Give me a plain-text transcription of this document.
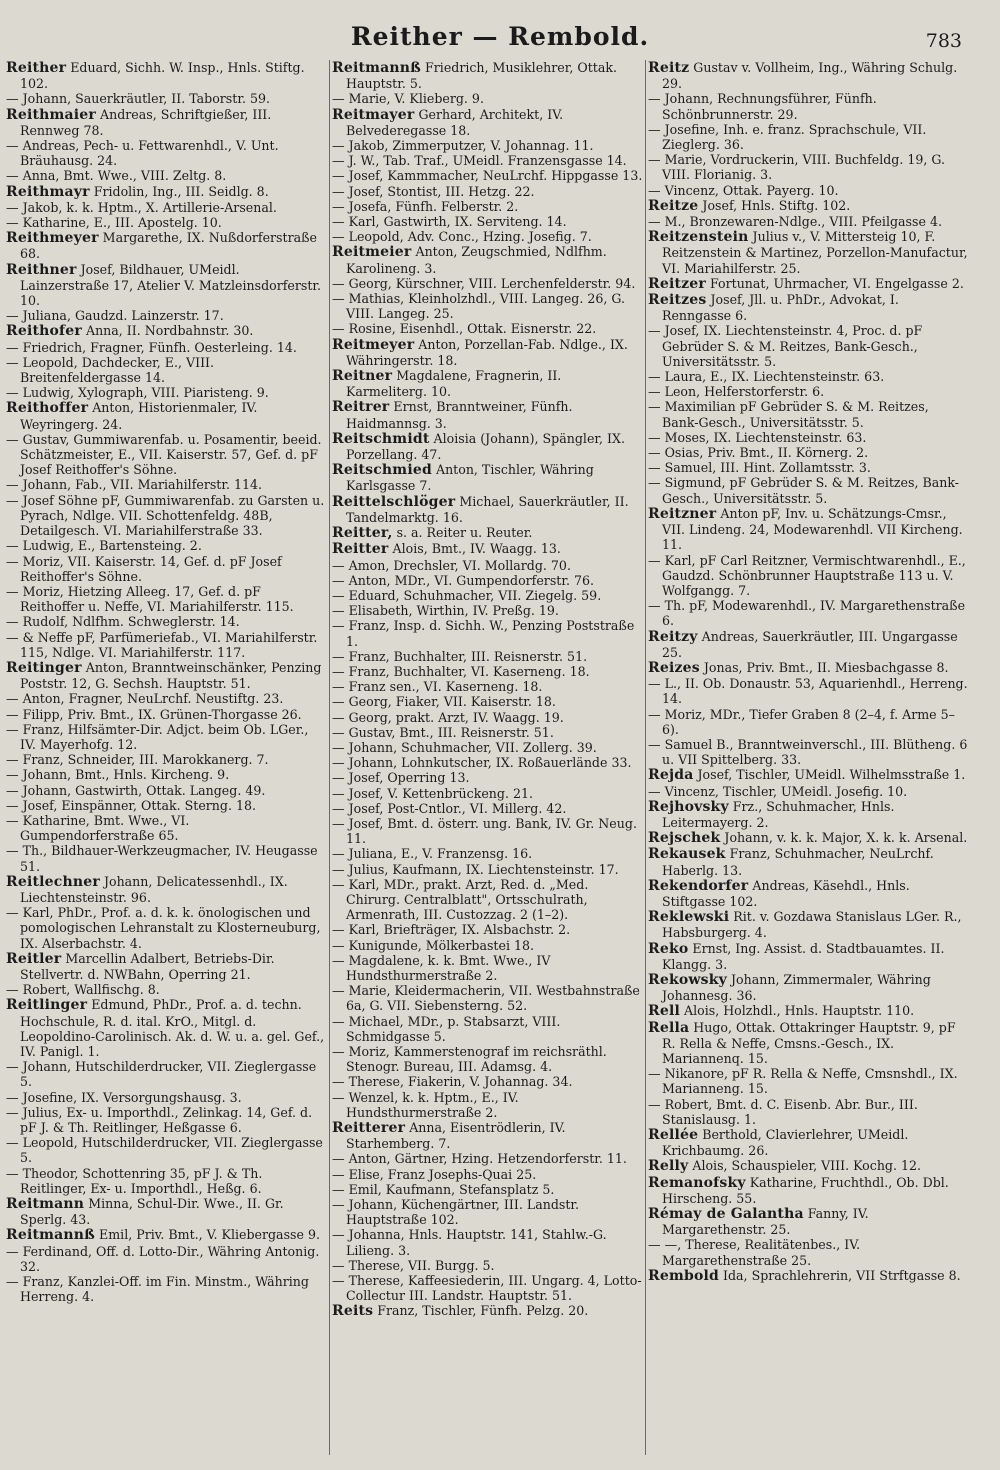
Reither — Rembold.	783

Reither Eduard, Sichh. W. Insp., Hnls. Stiftg. 102.

— Johann, Sauerkräutler, II. Taborstr. 59.

Reithmaier Andreas, Schriftgießer, III. Rennweg 78.

— Andreas, Pech- u. Fettwarenhdl., V. Unt. Bräuhausg. 24.

— Anna, Bmt. Wwe., VIII. Zeltg. 8.

Reithmayr Fridolin, Ing., III. Seidlg. 8.

— Jakob, k. k. Hptm., X. Artillerie-Arsenal.

— Katharine, E., III. Apostelg. 10.

Reithmeyer Margarethe, IX. Nußdorferstraße 68.

Reithner Josef, Bildhauer, UMeidl. Lainzerstraße 17, Atelier V. Matzleinsdorferstr. 10.

— Juliana, Gaudzd. Lainzerstr. 17.

Reithofer Anna, II. Nordbahnstr. 30.

— Friedrich, Fragner, Fünfh. Oesterleing. 14.

— Leopold, Dachdecker, E., VIII. Breitenfeldergasse 14.

— Ludwig, Xylograph, VIII. Piaristeng. 9.

Reithoffer Anton, Historienmaler, IV. Weyringerg. 24.

— Gustav, Gummiwarenfab. u. Posamentir, beeid. Schätzmeister, E., VII. Kaiserstr. 57, Gef. d. pF Josef Reithoffer's Söhne.

— Johann, Fab., VII. Mariahilferstr. 114.

— Josef Söhne pF, Gummiwarenfab. zu Garsten u. Pyrach, Ndlge. VII. Schottenfeldg. 48B, Detailgesch. VI. Mariahilferstraße 33.

— Ludwig, E., Bartensteing. 2.

— Moriz, VII. Kaiserstr. 14, Gef. d. pF Josef Reithoffer's Söhne.

— Moriz, Hietzing Alleeg. 17, Gef. d. pF Reithoffer u. Neffe, VI. Mariahilferstr. 115.

— Rudolf, Ndlfhm. Schweglerstr. 14.

— & Neffe pF, Parfümeriefab., VI. Mariahilferstr. 115, Ndlge. VI. Mariahilferstr. 117.

Reitinger Anton, Branntweinschänker, Penzing Poststr. 12, G. Sechsh. Hauptstr. 51.

— Anton, Fragner, NeuLrchf. Neustiftg. 23.

— Filipp, Priv. Bmt., IX. Grünen-Thorgasse 26.

— Franz, Hilfsämter-Dir. Adjct. beim Ob. LGer., IV. Mayerhofg. 12.

— Franz, Schneider, III. Marokkanerg. 7.

— Johann, Bmt., Hnls. Kircheng. 9.

— Johann, Gastwirth, Ottak. Langeg. 49.

— Josef, Einspänner, Ottak. Sterng. 18.

— Katharine, Bmt. Wwe., VI. Gumpendorferstraße 65.

— Th., Bildhauer-Werkzeugmacher, IV. Heugasse 51.

Reitlechner Johann, Delicatessenhdl., IX. Liechtensteinstr. 96.

— Karl, PhDr., Prof. a. d. k. k. önologischen und pomologischen Lehranstalt zu Klosterneuburg, IX. Alserbachstr. 4.

Reitler Marcellin Adalbert, Betriebs-Dir. Stellvertr. d. NWBahn, Operring 21.

— Robert, Wallfischg. 8.

Reitlinger Edmund, PhDr., Prof. a. d. techn. Hochschule, R. d. ital. KrO., Mitgl. d. Leopoldino-Carolinisch. Ak. d. W. u. a. gel. Gef., IV. Panigl. 1.

— Johann, Hutschilderdrucker, VII. Zieglergasse 5.

— Josefine, IX. Versorgungshausg. 3.

— Julius, Ex- u. Importhdl., Zelinkag. 14, Gef. d. pF J. & Th. Reitlinger, Heßgasse 6.

— Leopold, Hutschilderdrucker, VII. Zieglergasse 5.

— Theodor, Schottenring 35, pF J. & Th. Reitlinger, Ex- u. Importhdl., Heßg. 6.

Reitmann Minna, Schul-Dir. Wwe., II. Gr. Sperlg. 43.

Reitmannß Emil, Priv. Bmt., V. Kliebergasse 9.

— Ferdinand, Off. d. Lotto-Dir., Währing Antonig. 32.

— Franz, Kanzlei-Off. im Fin. Minstm., Währing Herreng. 4.

Reitmannß Friedrich, Musiklehrer, Ottak. Hauptstr. 5.

— Marie, V. Klieberg. 9.

Reitmayer Gerhard, Architekt, IV. Belvederegasse 18.

— Jakob, Zimmerputzer, V. Johannag. 11.

— J. W., Tab. Traf., UMeidl. Franzensgasse 14.

— Josef, Kammmacher, NeuLrchf. Hippgasse 13.

— Josef, Stontist, III. Hetzg. 22.

— Josefa, Fünfh. Felberstr. 2.

— Karl, Gastwirth, IX. Serviteng. 14.

— Leopold, Adv. Conc., Hzing. Josefig. 7.

Reitmeier Anton, Zeugschmied, Ndlfhm. Karolineng. 3.

— Georg, Kürschner, VIII. Lerchenfelderstr. 94.

— Mathias, Kleinholzhdl., VIII. Langeg. 26, G. VIII. Langeg. 25.

— Rosine, Eisenhdl., Ottak. Eisnerstr. 22.

Reitmeyer Anton, Porzellan-Fab. Ndlge., IX. Währingerstr. 18.

Reitner Magdalene, Fragnerin, II. Karmeliterg. 10.

Reitrer Ernst, Branntweiner, Fünfh. Haidmannsg. 3.

Reitschmidt Aloisia (Johann), Spängler, IX. Porzellang. 47.

Reitschmied Anton, Tischler, Währing Karlsgasse 7.

Reittelschlöger Michael, Sauerkräutler, II. Tandelmarktg. 16.

Reitter, s. a. Reiter u. Reuter.

Reitter Alois, Bmt., IV. Waagg. 13.

— Amon, Drechsler, VI. Mollardg. 70.

— Anton, MDr., VI. Gumpendorferstr. 76.

— Eduard, Schuhmacher, VII. Ziegelg. 59.

— Elisabeth, Wirthin, IV. Preßg. 19.

— Franz, Insp. d. Sichh. W., Penzing Poststraße 1.

— Franz, Buchhalter, III. Reisnerstr. 51.

— Franz, Buchhalter, VI. Kaserneng. 18.

— Franz sen., VI. Kaserneng. 18.

— Georg, Fiaker, VII. Kaiserstr. 18.

— Georg, prakt. Arzt, IV. Waagg. 19.

— Gustav, Bmt., III. Reisnerstr. 51.

— Johann, Schuhmacher, VII. Zollerg. 39.

— Johann, Lohnkutscher, IX. Roßauerlände 33.

— Josef, Operring 13.

— Josef, V. Kettenbrückeng. 21.

— Josef, Post-Cntlor., VI. Millerg. 42.

— Josef, Bmt. d. österr. ung. Bank, IV. Gr. Neug. 11.

— Juliana, E., V. Franzensg. 16.

— Julius, Kaufmann, IX. Liechtensteinstr. 17.

— Karl, MDr., prakt. Arzt, Red. d. „Med. Chirurg. Centralblatt", Ortsschulrath, Armenrath, III. Custozzag. 2 (1–2).

— Karl, Briefträger, IX. Alsbachstr. 2.

— Kunigunde, Mölkerbastei 18.

— Magdalene, k. k. Bmt. Wwe., IV Hundsthurmerstraße 2.

— Marie, Kleidermacherin, VII. Westbahnstraße 6a, G. VII. Siebensterng. 52.

— Michael, MDr., p. Stabsarzt, VIII. Schmidgasse 5.

— Moriz, Kammerstenograf im reichsräthl. Stenogr. Bureau, III. Adamsg. 4.

— Therese, Fiakerin, V. Johannag. 34.

— Wenzel, k. k. Hptm., E., IV. Hundsthurmerstraße 2.

Reitterer Anna, Eisentrödlerin, IV. Starhemberg. 7.

— Anton, Gärtner, Hzing. Hetzendorferstr. 11.

— Elise, Franz Josephs-Quai 25.

— Emil, Kaufmann, Stefansplatz 5.

— Johann, Küchengärtner, III. Landstr. Hauptstraße 102.

— Johanna, Hnls. Hauptstr. 141, Stahlw.-G. Lilieng. 3.

— Therese, VII. Burgg. 5.

— Therese, Kaffeesiederin, III. Ungarg. 4, Lotto-Collectur III. Landstr. Hauptstr. 51.

Reits Franz, Tischler, Fünfh. Pelzg. 20.

Reitz Gustav v. Vollheim, Ing., Währing Schulg. 29.

— Johann, Rechnungsführer, Fünfh. Schönbrunnerstr. 29.

— Josefine, Inh. e. franz. Sprachschule, VII. Zieglerg. 36.

— Marie, Vordruckerin, VIII. Buchfeldg. 19, G. VIII. Florianig. 3.

— Vincenz, Ottak. Payerg. 10.

Reitze Josef, Hnls. Stiftg. 102.

— M., Bronzewaren-Ndlge., VIII. Pfeilgasse 4.

Reitzenstein Julius v., V. Mittersteig 10, F. Reitzenstein & Martinez, Porzellon-Manufactur, VI. Mariahilferstr. 25.

Reitzer Fortunat, Uhrmacher, VI. Engelgasse 2.

Reitzes Josef, Jll. u. PhDr., Advokat, I. Renngasse 6.

— Josef, IX. Liechtensteinstr. 4, Proc. d. pF Gebrüder S. & M. Reitzes, Bank-Gesch., Universitätsstr. 5.

— Laura, E., IX. Liechtensteinstr. 63.

— Leon, Helferstorferstr. 6.

— Maximilian pF Gebrüder S. & M. Reitzes, Bank-Gesch., Universitätsstr. 5.

— Moses, IX. Liechtensteinstr. 63.

— Osias, Priv. Bmt., II. Körnerg. 2.

— Samuel, III. Hint. Zollamtsstr. 3.

— Sigmund, pF Gebrüder S. & M. Reitzes, Bank-Gesch., Universitätsstr. 5.

Reitzner Anton pF, Inv. u. Schätzungs-Cmsr., VII. Lindeng. 24, Modewarenhdl. VII Kircheng. 11.

— Karl, pF Carl Reitzner, Vermischtwarenhdl., E., Gaudzd. Schönbrunner Hauptstraße 113 u. V. Wolfgangg. 7.

— Th. pF, Modewarenhdl., IV. Margarethenstraße 6.

Reitzy Andreas, Sauerkräutler, III. Ungargasse 25.

Reizes Jonas, Priv. Bmt., II. Miesbachgasse 8.

— L., II. Ob. Donaustr. 53, Aquarienhdl., Herreng. 14.

— Moriz, MDr., Tiefer Graben 8 (2–4, f. Arme 5–6).

— Samuel B., Branntweinverschl., III. Blütheng. 6 u. VII Spittelberg. 33.

Rejda Josef, Tischler, UMeidl. Wilhelmsstraße 1.

— Vincenz, Tischler, UMeidl. Josefig. 10.

Rejhovsky Frz., Schuhmacher, Hnls. Leitermayerg. 2.

Rejschek Johann, v. k. k. Major, X. k. k. Arsenal.

Rekausek Franz, Schuhmacher, NeuLrchf. Haberlg. 13.

Rekendorfer Andreas, Käsehdl., Hnls. Stiftgasse 102.

Reklewski Rit. v. Gozdawa Stanislaus LGer. R., Habsburgerg. 4.

Reko Ernst, Ing. Assist. d. Stadtbauamtes. II. Klangg. 3.

Rekowsky Johann, Zimmermaler, Währing Johannesg. 36.

Rell Alois, Holzhdl., Hnls. Hauptstr. 110.

Rella Hugo, Ottak. Ottakringer Hauptstr. 9, pF R. Rella & Neffe, Cmsns.-Gesch., IX. Mariannenq. 15.

— Nikanore, pF R. Rella & Neffe, Cmsnshdl., IX. Marianneng. 15.

— Robert, Bmt. d. C. Eisenb. Abr. Bur., III. Stanislausg. 1.

Rellée Berthold, Clavierlehrer, UMeidl. Krichbaumg. 26.

Relly Alois, Schauspieler, VIII. Kochg. 12.

Remanofsky Katharine, Fruchthdl., Ob. Dbl. Hirscheng. 55.

Rémay de Galantha Fanny, IV. Margarethenstr. 25.

— —, Therese, Realitätenbes., IV. Margarethenstraße 25.

Rembold Ida, Sprachlehrerin, VII Strftgasse 8.
